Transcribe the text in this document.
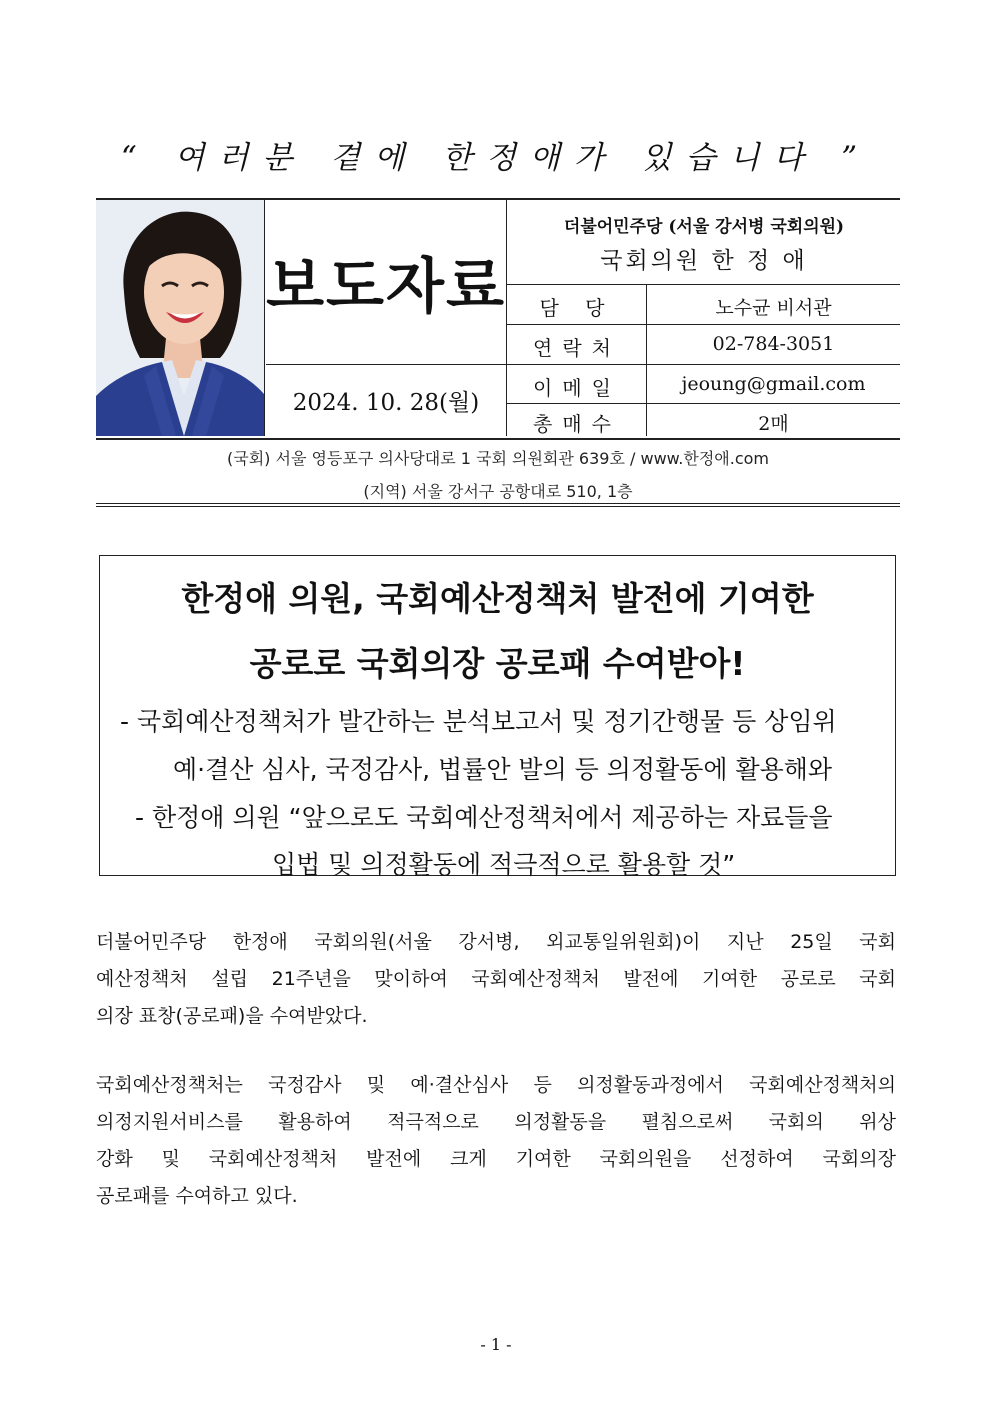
“ 여러분 곁에 한정애가 있습니다 ”
보도자료
2024. 10. 28(월)
더불어민주당 (서울 강서병 국회의원)
국회의원 한 정 애
담 당	노수균 비서관
연락처	02-784-3051
이메일	jeoung@gmail.com
총매수	2매
(국회) 서울 영등포구 의사당대로 1 국회 의원회관 639호 / www.한정애.com
(지역) 서울 강서구 공항대로 510, 1층
한정애 의원, 국회예산정책처 발전에 기여한
공로로 국회의장 공로패 수여받아!
- 국회예산정책처가 발간하는 분석보고서 및 정기간행물 등 상임위
예·결산 심사, 국정감사, 법률안 발의 등 의정활동에 활용해와
- 한정애 의원 “앞으로도 국회예산정책처에서 제공하는 자료들을
입법 및 의정활동에 적극적으로 활용할 것”
더불어민주당 한정애 국회의원(서울 강서병, 외교통일위원회)이 지난 25일 국회
예산정책처 설립 21주년을 맞이하여 국회예산정책처 발전에 기여한 공로로 국회
의장 표창(공로패)을 수여받았다.
국회예산정책처는 국정감사 및 예·결산심사 등 의정활동과정에서 국회예산정책처의
의정지원서비스를 활용하여 적극적으로 의정활동을 펼침으로써 국회의 위상
강화 및 국회예산정책처 발전에 크게 기여한 국회의원을 선정하여 국회의장
공로패를 수여하고 있다.
- 1 -
